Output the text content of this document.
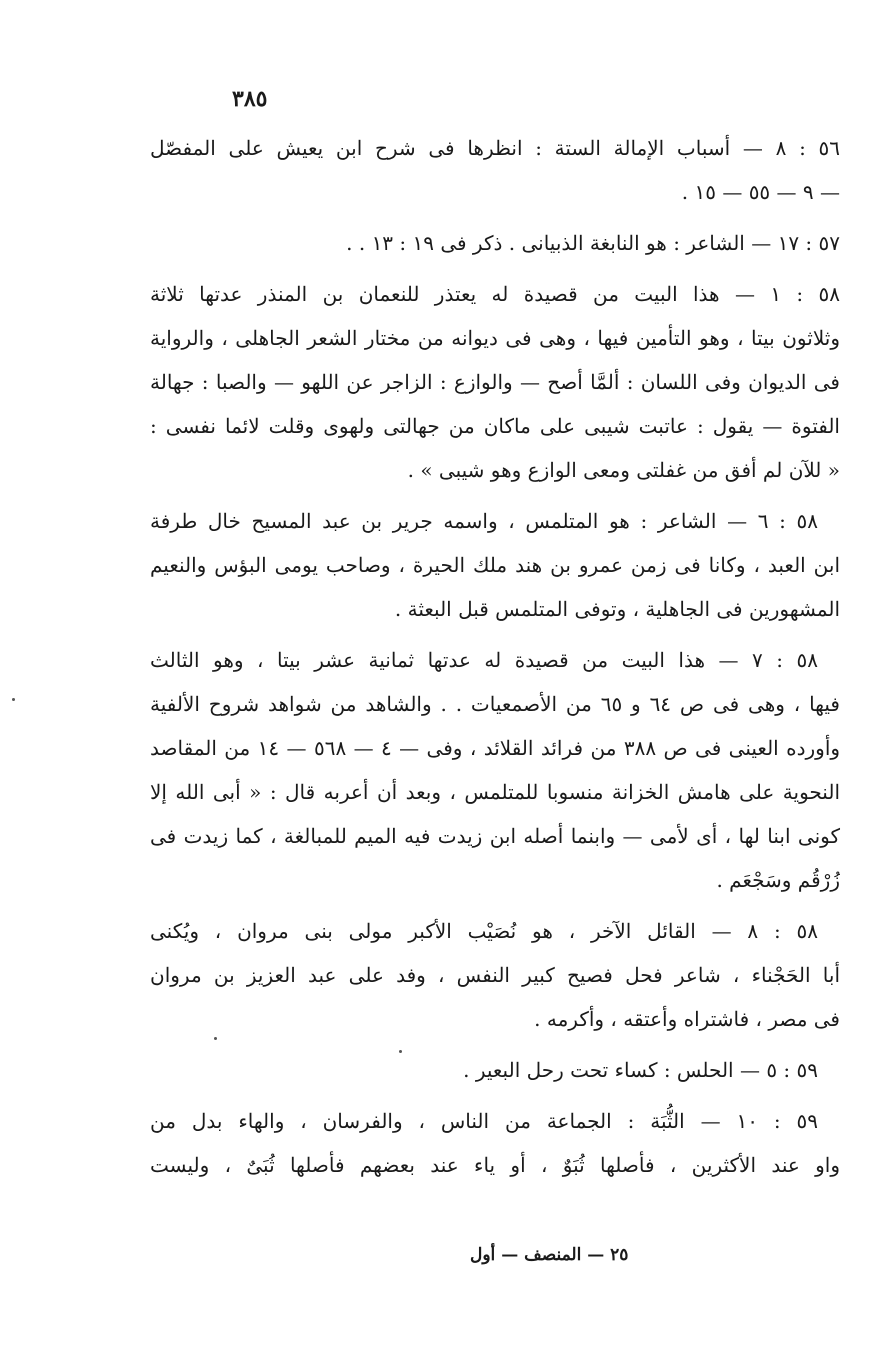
٣٨٥
٥٦ : ٨ — أسباب الإمالة الستة : انظرها فى شرح ابن يعيش على المفصّل
— ٩ — ٥٥ — ١٥ .
٥٧ : ١٧ — الشاعر : هو النابغة الذبيانى . ذكر فى ١٩ : ١٣ . .
٥٨ : ١ — هذا البيت من قصيدة له يعتذر للنعمان بن المنذر عدتها ثلاثة
وثلاثون بيتا ، وهو التأمين فيها ، وهى فى ديوانه من مختار الشعر الجاهلى ، والرواية
فى الديوان وفى اللسان : ألمَّا أصح — والوازع : الزاجر عن اللهو — والصبا : جهالة
الفتوة — يقول : عاتبت شيبى على ماكان من جهالتى ولهوى وقلت لائما نفسى :
« للآن لم أفق من غفلتى ومعى الوازع وهو شيبى » .
٥٨ : ٦ — الشاعر : هو المتلمس ، واسمه جرير بن عبد المسيح خال طرفة
ابن العبد ، وكانا فى زمن عمرو بن هند ملك الحيرة ، وصاحب يومى البؤس والنعيم
المشهورين فى الجاهلية ، وتوفى المتلمس قبل البعثة .
٥٨ : ٧ — هذا البيت من قصيدة له عدتها ثمانية عشر بيتا ، وهو الثالث
فيها ، وهى فى ص ٦٤ و ٦٥ من الأصمعيات . . والشاهد من شواهد شروح الألفية
وأورده العينى فى ص ٣٨٨ من فرائد القلائد ، وفى — ٤ — ٥٦٨ — ١٤ من المقاصد
النحوية على هامش الخزانة منسوبا للمتلمس ، وبعد أن أعربه قال : « أبى الله إلا
كونى ابنا لها ، أى لأمى — وابنما أصله ابن زيدت فيه الميم للمبالغة ، كما زيدت فى
زُرْقُم وسَجْعَم .
٥٨ : ٨ — القائل الآخر ، هو نُصَيْب الأكبر مولى بنى مروان ، ويُكنى
أبا الحَجْناء ، شاعر فحل فصيح كبير النفس ، وفد على عبد العزيز بن مروان
فى مصر ، فاشتراه وأعتقه ، وأكرمه .
٥٩ : ٥ — الحلس : كساء تحت رحل البعير .
٥٩ : ١٠ — الثُّبَة : الجماعة من الناس ، والفرسان ، والهاء بدل من
واو عند الأكثرين ، فأصلها ثُبَوٌ ، أو ياء عند بعضهم فأصلها ثُبَىٌ ، وليست
٢٥ — المنصف — أول
